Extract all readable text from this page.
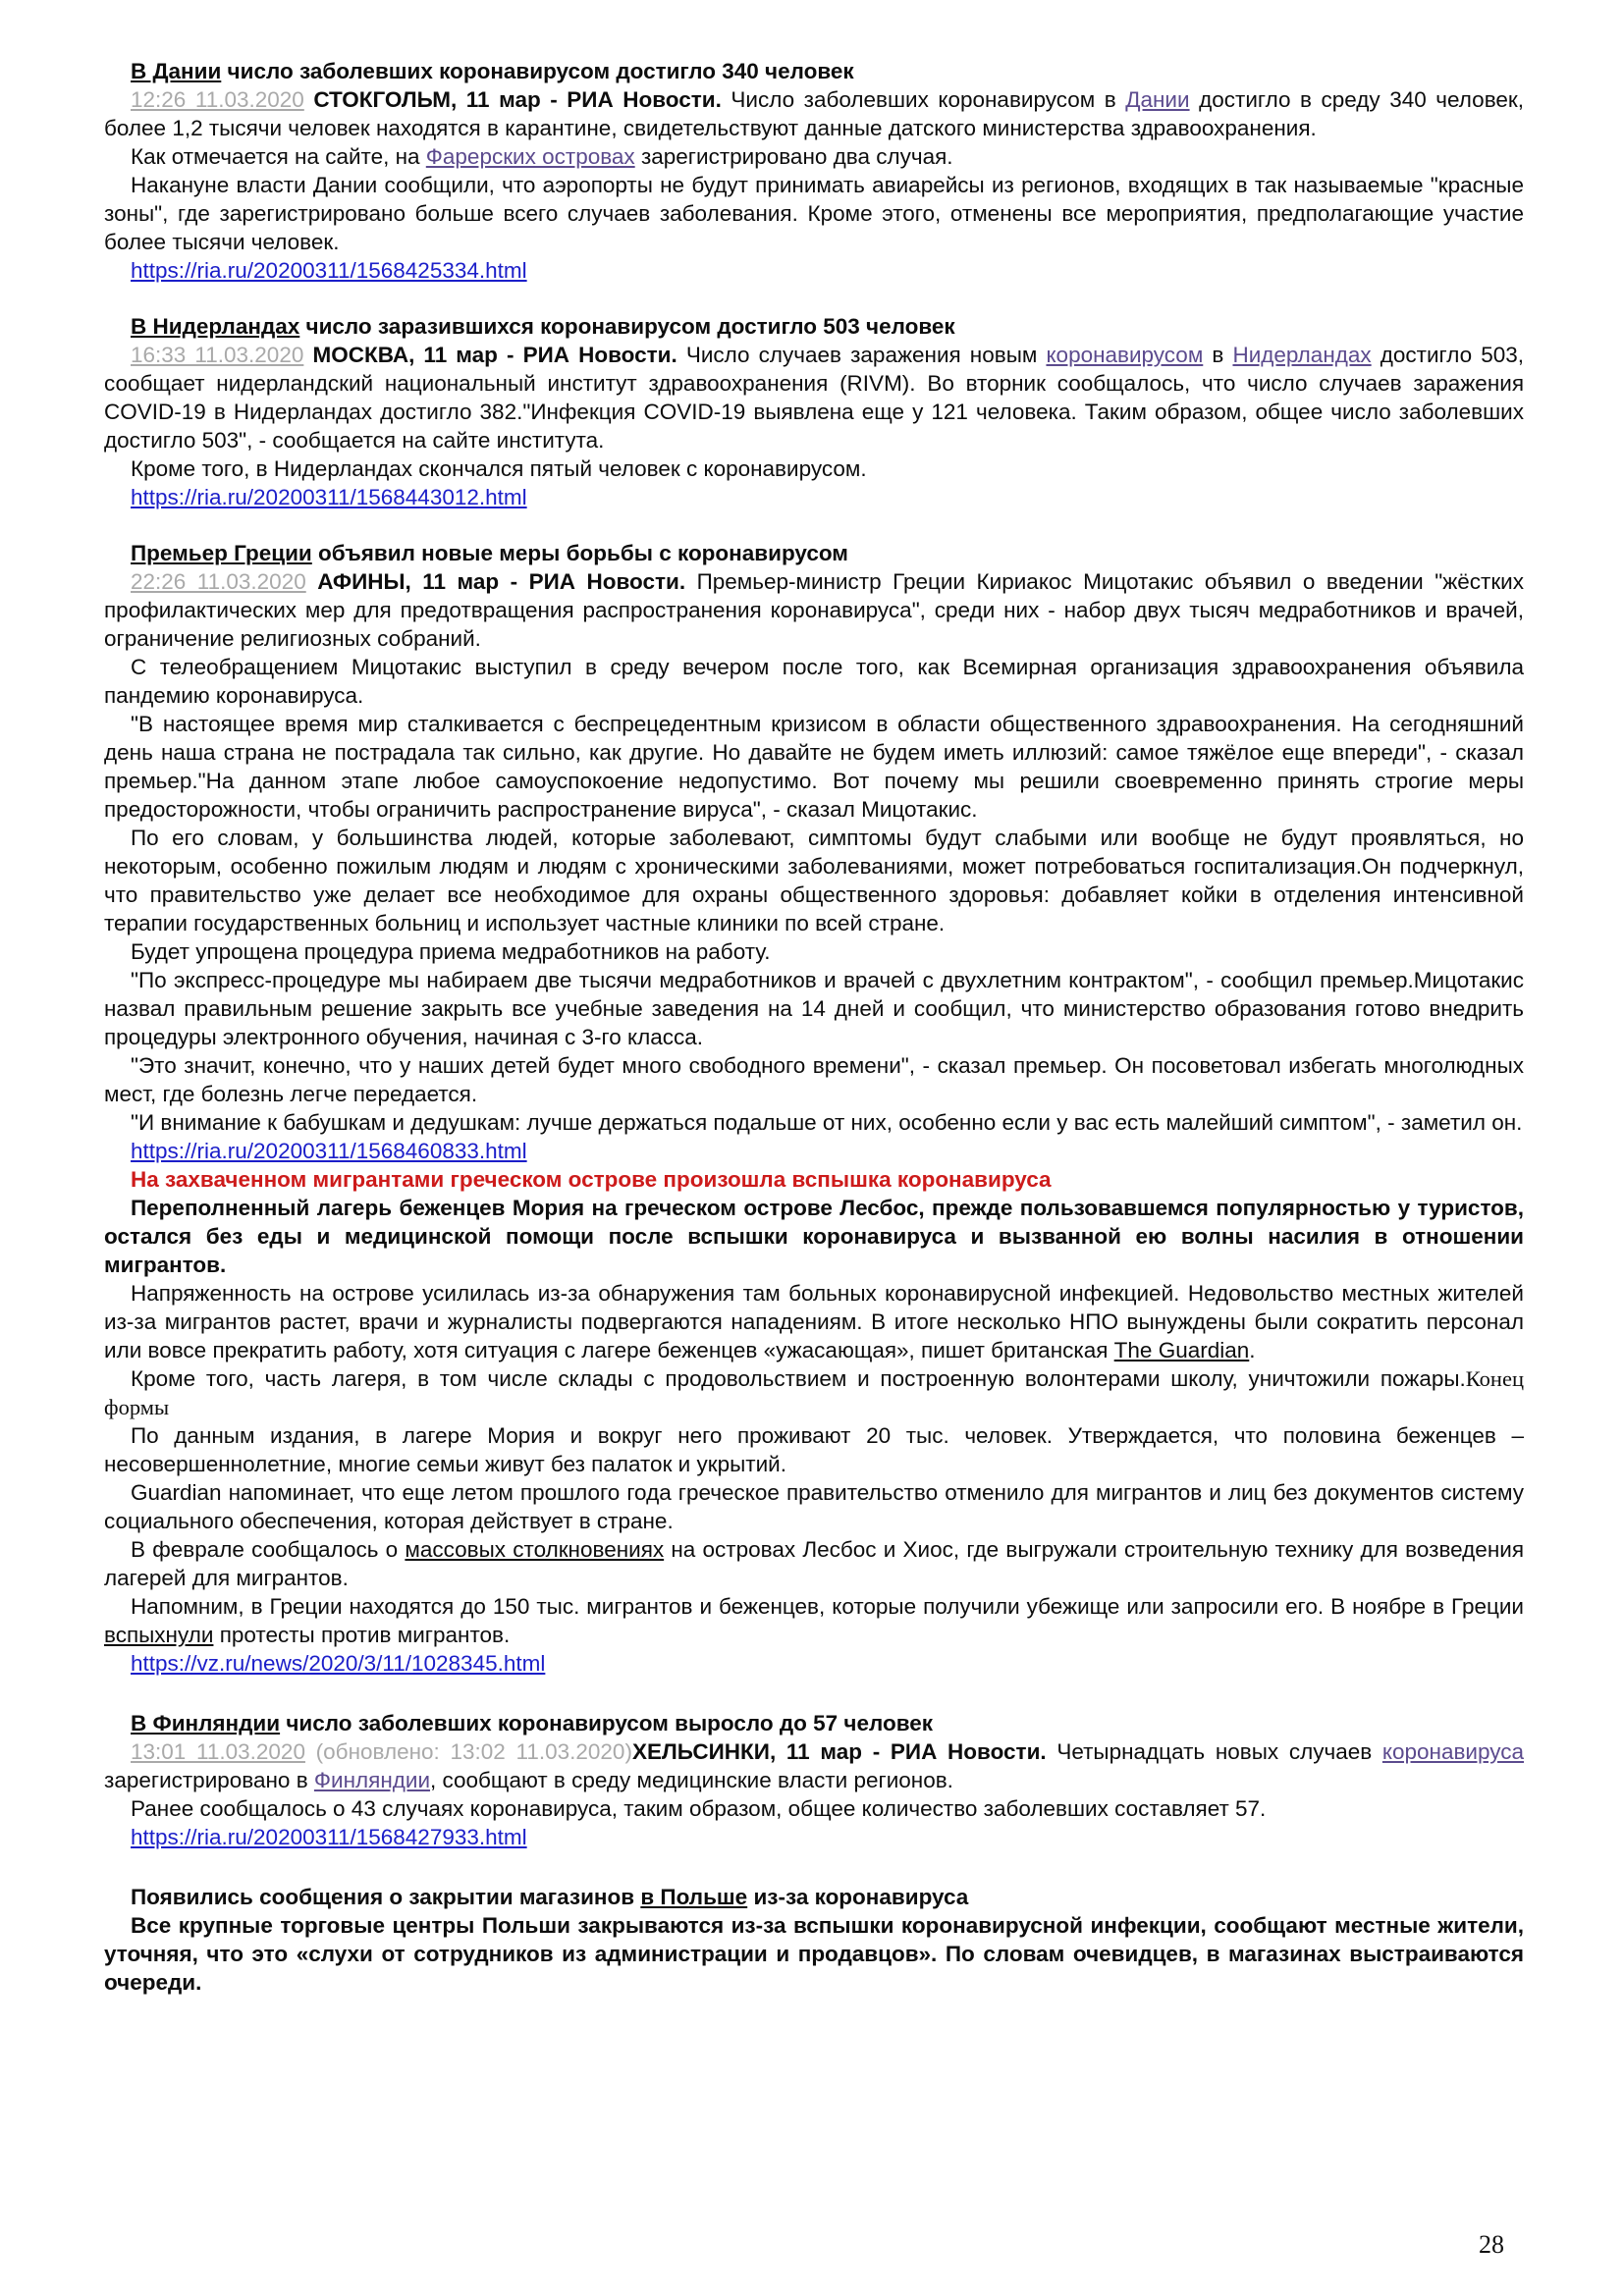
В Дании число заболевших коронавирусом достигло 340 человек

12:26 11.03.2020 СТОКГОЛЬМ, 11 мар - РИА Новости. Число заболевших коронавирусом в Дании достигло в среду 340 человек, более 1,2 тысячи человек находятся в карантине, свидетельствуют данные датского министерства здравоохранения.

Как отмечается на сайте, на Фарерских островах зарегистрировано два случая.

Накануне власти Дании сообщили, что аэропорты не будут принимать авиарейсы из регионов, входящих в так называемые "красные зоны", где зарегистрировано больше всего случаев заболевания. Кроме этого, отменены все мероприятия, предполагающие участие более тысячи человек.

https://ria.ru/20200311/1568425334.html

В Нидерландах число заразившихся коронавирусом достигло 503 человек

16:33 11.03.2020 МОСКВА, 11 мар - РИА Новости. Число случаев заражения новым коронавирусом в Нидерландах достигло 503, сообщает нидерландский национальный институт здравоохранения (RIVM). Во вторник сообщалось, что число случаев заражения COVID-19 в Нидерландах достигло 382."Инфекция COVID-19 выявлена еще у 121 человека. Таким образом, общее число заболевших достигло 503", - сообщается на сайте института.

Кроме того, в Нидерландах скончался пятый человек с коронавирусом.

https://ria.ru/20200311/1568443012.html

Премьер Греции объявил новые меры борьбы с коронавирусом

22:26 11.03.2020 АФИНЫ, 11 мар - РИА Новости. Премьер-министр Греции Кириакос Мицотакис объявил о введении "жёстких профилактических мер для предотвращения распространения коронавируса", среди них - набор двух тысяч медработников и врачей, ограничение религиозных собраний.

С телеобращением Мицотакис выступил в среду вечером после того, как Всемирная организация здравоохранения объявила пандемию коронавируса.

"В настоящее время мир сталкивается с беспрецедентным кризисом в области общественного здравоохранения. На сегодняшний день наша страна не пострадала так сильно, как другие. Но давайте не будем иметь иллюзий: самое тяжёлое еще впереди", - сказал премьер."На данном этапе любое самоуспокоение недопустимо. Вот почему мы решили своевременно принять строгие меры предосторожности, чтобы ограничить распространение вируса", - сказал Мицотакис.

По его словам, у большинства людей, которые заболевают, симптомы будут слабыми или вообще не будут проявляться, но некоторым, особенно пожилым людям и людям с хроническими заболеваниями, может потребоваться госпитализация.Он подчеркнул, что правительство уже делает все необходимое для охраны общественного здоровья: добавляет койки в отделения интенсивной терапии государственных больниц и использует частные клиники по всей стране.

Будет упрощена процедура приема медработников на работу.

"По экспресс-процедуре мы набираем две тысячи медработников и врачей с двухлетним контрактом", - сообщил премьер.Мицотакис назвал правильным решение закрыть все учебные заведения на 14 дней и сообщил, что министерство образования готово внедрить процедуры электронного обучения, начиная с 3-го класса.

"Это значит, конечно, что у наших детей будет много свободного времени", - сказал премьер. Он посоветовал избегать многолюдных мест, где болезнь легче передается.

"И внимание к бабушкам и дедушкам: лучше держаться подальше от них, особенно если у вас есть малейший симптом", - заметил он.

https://ria.ru/20200311/1568460833.html

На захваченном мигрантами греческом острове произошла вспышка коронавируса

Переполненный лагерь беженцев Мория на греческом острове Лесбос, прежде пользовавшемся популярностью у туристов, остался без еды и медицинской помощи после вспышки коронавируса и вызванной ею волны насилия в отношении мигрантов.

Напряженность на острове усилилась из-за обнаружения там больных коронавирусной инфекцией. Недовольство местных жителей из-за мигрантов растет, врачи и журналисты подвергаются нападениям. В итоге несколько НПО вынуждены были сократить персонал или вовсе прекратить работу, хотя ситуация с лагере беженцев «ужасающая», пишет британская The Guardian.

Кроме того, часть лагеря, в том числе склады с продовольствием и построенную волонтерами школу, уничтожили пожары.Конец формы

По данным издания, в лагере Мория и вокруг него проживают 20 тыс. человек. Утверждается, что половина беженцев – несовершеннолетние, многие семьи живут без палаток и укрытий.

Guardian напоминает, что еще летом прошлого года греческое правительство отменило для мигрантов и лиц без документов систему социального обеспечения, которая действует в стране.

В феврале сообщалось о массовых столкновениях на островах Лесбос и Хиос, где выгружали строительную технику для возведения лагерей для мигрантов.

Напомним, в Греции находятся до 150 тыс. мигрантов и беженцев, которые получили убежище или запросили его. В ноябре в Греции вспыхнули протесты против мигрантов.

https://vz.ru/news/2020/3/11/1028345.html

В Финляндии число заболевших коронавирусом выросло до 57 человек

13:01 11.03.2020 (обновлено: 13:02 11.03.2020)ХЕЛЬСИНКИ, 11 мар - РИА Новости. Четырнадцать новых случаев коронавируса зарегистрировано в Финляндии, сообщают в среду медицинские власти регионов.

Ранее сообщалось о 43 случаях коронавируса, таким образом, общее количество заболевших составляет 57.

https://ria.ru/20200311/1568427933.html

Появились сообщения о закрытии магазинов в Польше из-за коронавируса

Все крупные торговые центры Польши закрываются из-за вспышки коронавирусной инфекции, сообщают местные жители, уточняя, что это «слухи от сотрудников из администрации и продавцов». По словам очевидцев, в магазинах выстраиваются очереди.

28
